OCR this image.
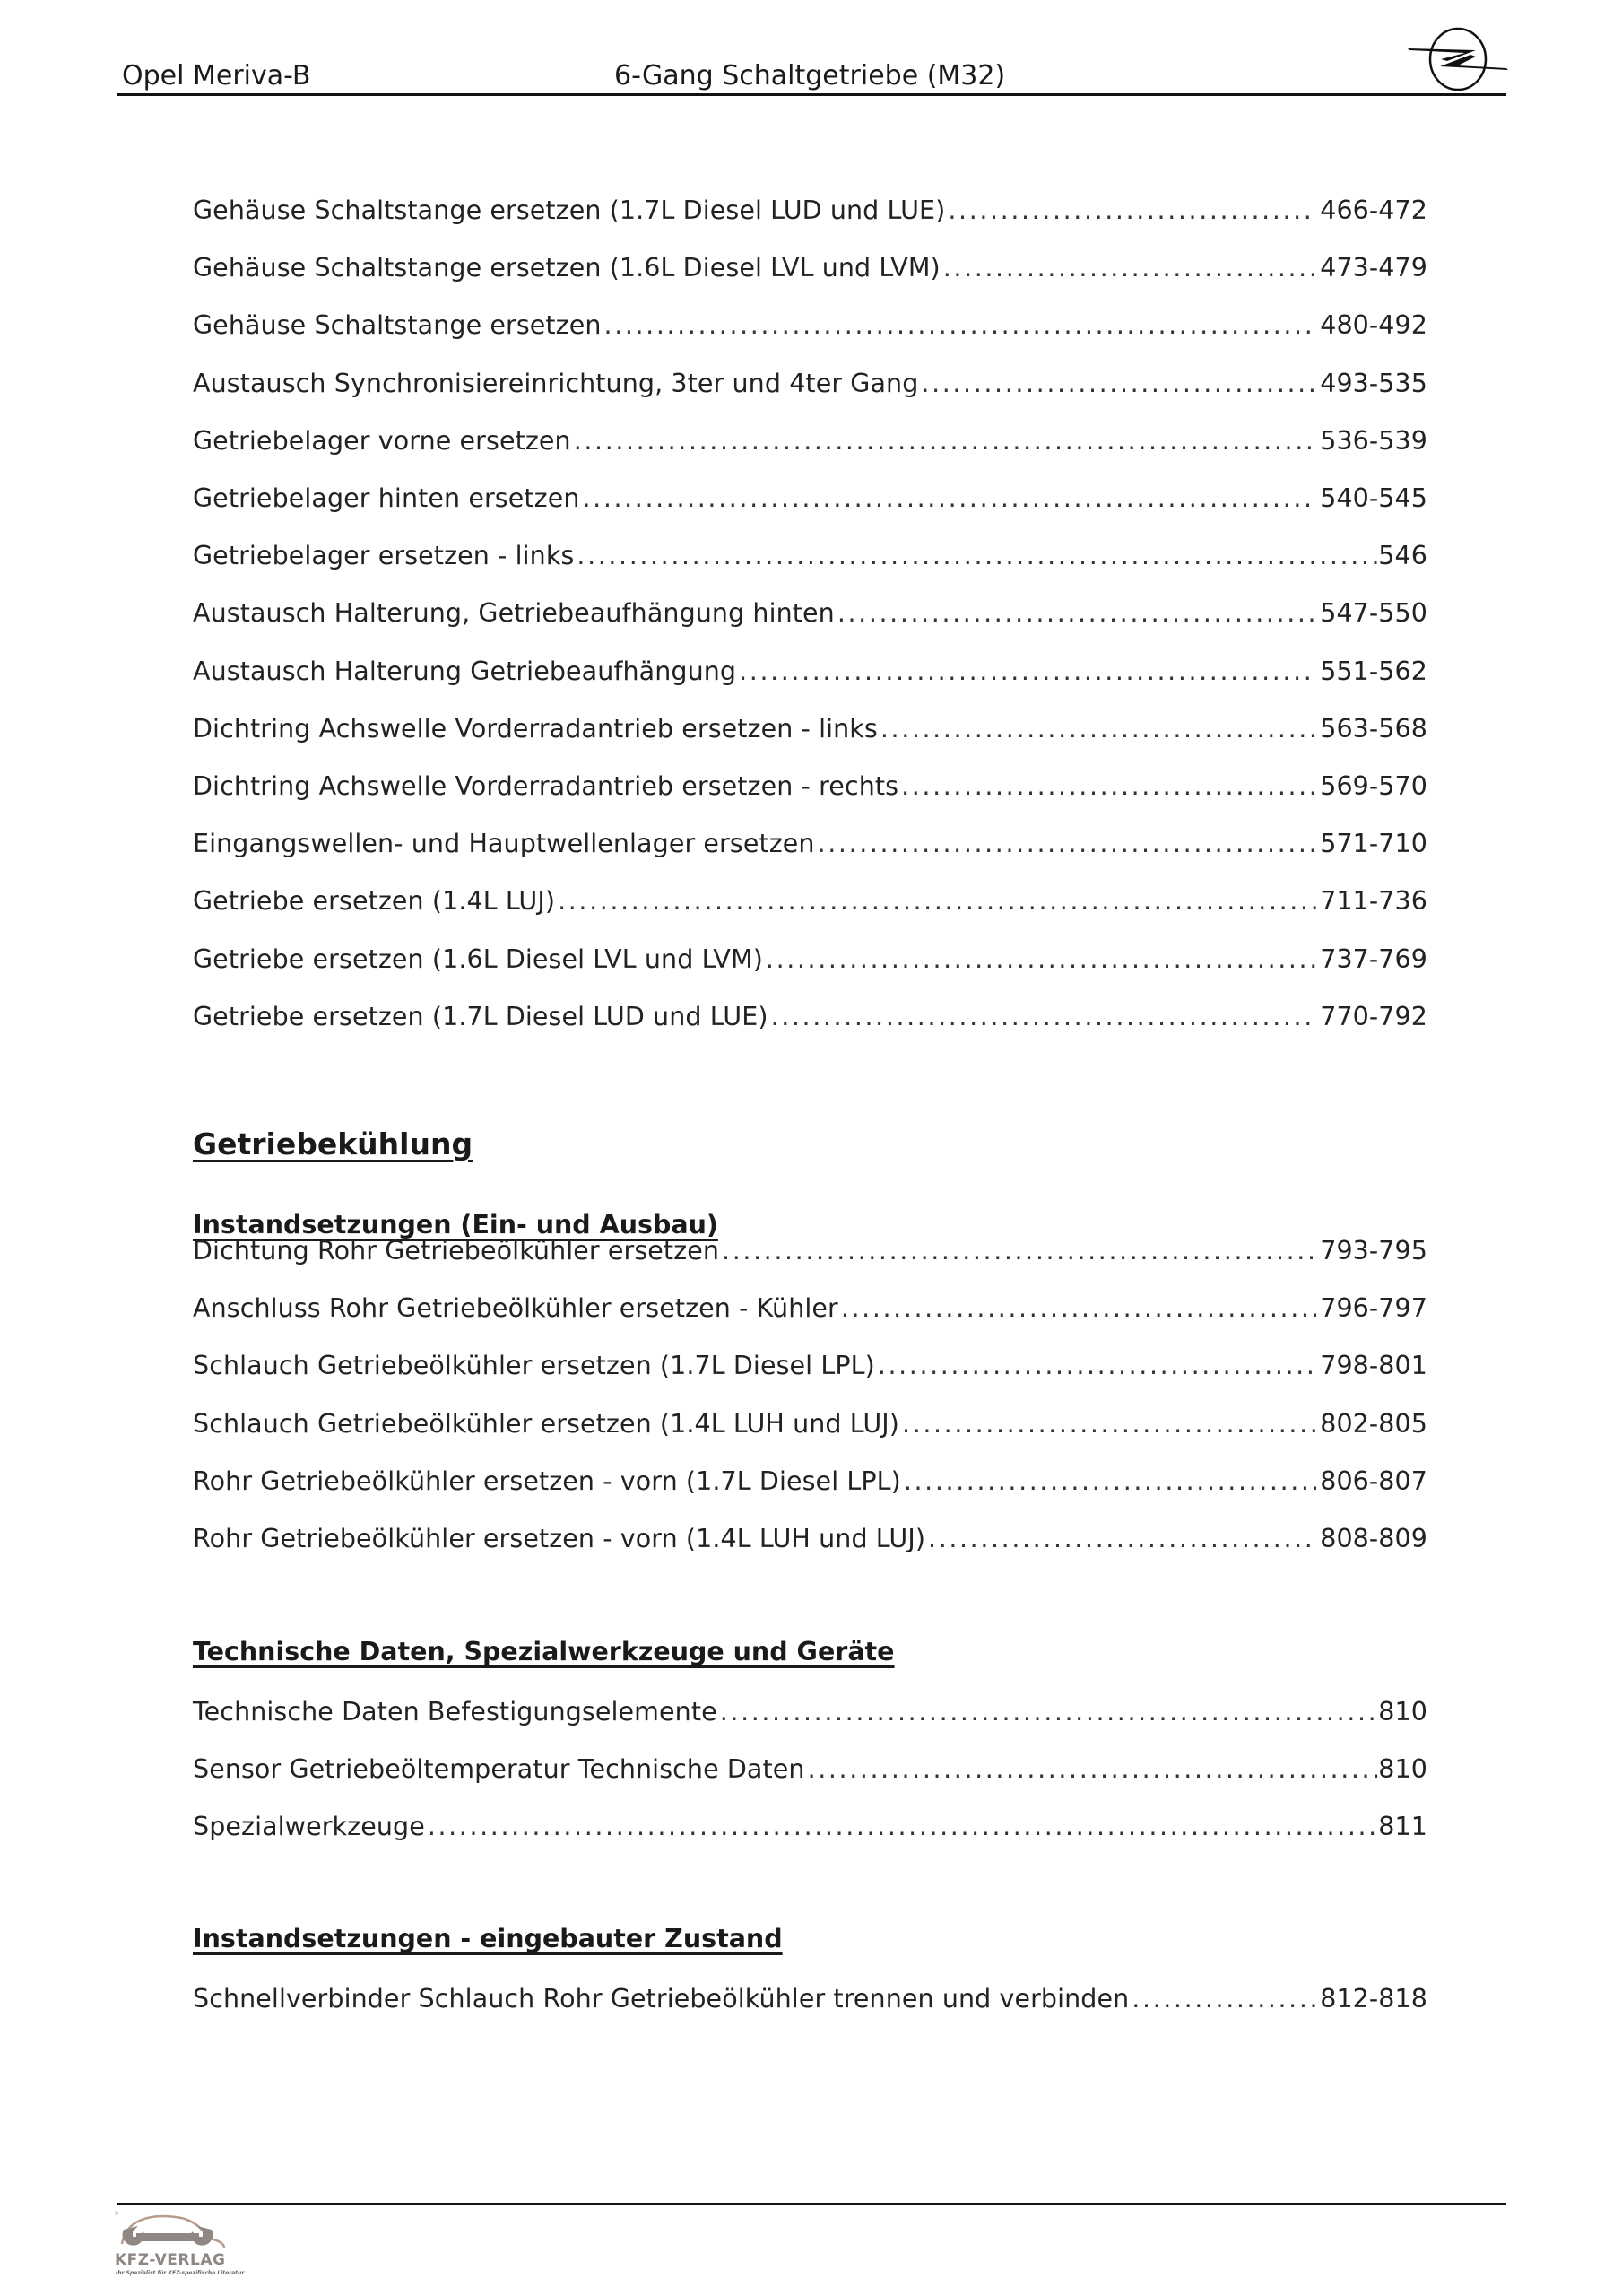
Opel Meriva-B	6-Gang Schaltgetriebe (M32)
Gehäuse Schaltstange ersetzen (1.7L Diesel LUD und LUE) .....	466-472
Gehäuse Schaltstange ersetzen (1.6L Diesel LVL und LVM) .....	473-479
Gehäuse Schaltstange ersetzen .....	480-492
Austausch Synchronisiereinrichtung, 3ter und 4ter Gang .....	493-535
Getriebelager vorne ersetzen .....	536-539
Getriebelager hinten ersetzen .....	540-545
Getriebelager ersetzen - links .....	546
Austausch Halterung, Getriebeaufhängung hinten .....	547-550
Austausch Halterung Getriebeaufhängung .....	551-562
Dichtring Achswelle Vorderradantrieb ersetzen - links .....	563-568
Dichtring Achswelle Vorderradantrieb ersetzen - rechts .....	569-570
Eingangswellen- und Hauptwellenlager ersetzen .....	571-710
Getriebe ersetzen (1.4L LUJ) .....	711-736
Getriebe ersetzen (1.6L Diesel LVL und LVM) .....	737-769
Getriebe ersetzen (1.7L Diesel LUD und LUE) .....	770-792
Getriebekühlung
Instandsetzungen (Ein- und Ausbau)
Dichtung Rohr Getriebeölkühler ersetzen .....	793-795
Anschluss Rohr Getriebeölkühler ersetzen - Kühler .....	796-797
Schlauch Getriebeölkühler ersetzen (1.7L Diesel LPL) .....	798-801
Schlauch Getriebeölkühler ersetzen (1.4L LUH und LUJ) .....	802-805
Rohr Getriebeölkühler ersetzen - vorn (1.7L Diesel LPL) .....	806-807
Rohr Getriebeölkühler ersetzen - vorn (1.4L LUH und LUJ) .....	808-809
Technische Daten, Spezialwerkzeuge und Geräte
Technische Daten Befestigungselemente .....	810
Sensor Getriebeöltemperatur Technische Daten .....	810
Spezialwerkzeuge .....	811
Instandsetzungen - eingebauter Zustand
Schnellverbinder Schlauch Rohr Getriebeölkühler trennen und verbinden .....	812-818
®
KFZ-VERLAG
Ihr Spezialist für KFZ-spezifische Literatur
